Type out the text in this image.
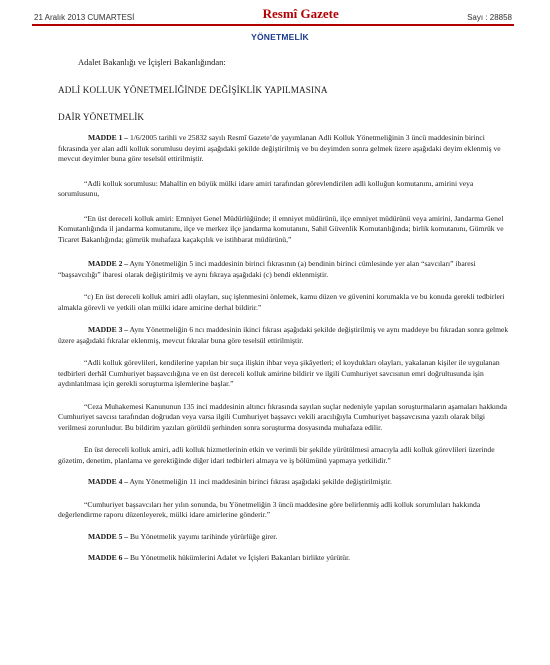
21 Aralık 2013 CUMARTESİ	Resmî Gazete	Sayı : 28858
YÖNETMELİK
Adalet Bakanlığı ve İçişleri Bakanlığından:
ADLİ KOLLUK YÖNETMELİĞİNDE DEĞİŞİKLİK YAPILMASINA
DAİR YÖNETMELİK

MADDE 1 – 1/6/2005 tarihli ve 25832 sayılı Resmî Gazete’de yayımlanan Adli Kolluk Yönetmeliğinin 3 üncü maddesinin birinci fıkrasında yer alan adli kolluk sorumlusu deyimi aşağıdaki şekilde değiştirilmiş ve bu deyimden sonra gelmek üzere aşağıdaki deyim eklenmiş ve mevcut deyimler buna göre teselsül ettirilmiştir.

“Adli kolluk sorumlusu: Mahallin en büyük mülki idare amiri tarafından görevlendirilen adli kolluğun komutanını, amirini veya sorumlusunu,

“En üst dereceli kolluk amiri: Emniyet Genel Müdürlüğünde; il emniyet müdürünü, ilçe emniyet müdürünü veya amirini, Jandarma Genel Komutanlığında il jandarma komutanını, ilçe ve merkez ilçe jandarma komutanını, Sahil Güvenlik Komutanlığında; birlik komutanını, Gümrük ve Ticaret Bakanlığında; gümrük muhafaza kaçakçılık ve istihbarat müdürünü,”

MADDE 2 – Aynı Yönetmeliğin 5 inci maddesinin birinci fıkrasının (a) bendinin birinci cümlesinde yer alan “savcıları” ibaresi “başsavcılığı” ibaresi olarak değiştirilmiş ve aynı fıkraya aşağıdaki (c) bendi eklenmiştir.

“c) En üst dereceli kolluk amiri adli olayları, suç işlenmesini önlemek, kamu düzen ve güvenini korumakla ve bu konuda gerekli tedbirleri almakla görevli ve yetkili olan mülki idare amirine derhal bildirir.”

MADDE 3 – Aynı Yönetmeliğin 6 ncı maddesinin ikinci fıkrası aşağıdaki şekilde değiştirilmiş ve aynı maddeye bu fıkradan sonra gelmek üzere aşağıdaki fıkralar eklenmiş, mevcut fıkralar buna göre teselsül ettirilmiştir.

“Adli kolluk görevlileri, kendilerine yapılan bir suça ilişkin ihbar veya şikâyetleri; el koydukları olayları, yakalanan kişiler ile uygulanan tedbirleri derhâl Cumhuriyet başsavcılığına ve en üst dereceli kolluk amirine bildirir ve ilgili Cumhuriyet savcısının emri doğrultusunda işin aydınlatılması için gerekli soruşturma işlemlerine başlar.”

“Ceza Muhakemesi Kanununun 135 inci maddesinin altıncı fıkrasında sayılan suçlar nedeniyle yapılan soruşturmaların aşamaları hakkında Cumhuriyet savcısı tarafından doğrudan veya varsa ilgili Cumhuriyet başsavcı vekili aracılığıyla Cumhuriyet başsavcısına yazılı olarak bilgi verilmesi zorunludur. Bu bildirim yazıları görüldü şerhinden sonra soruşturma dosyasında muhafaza edilir.

En üst dereceli kolluk amiri, adli kolluk hizmetlerinin etkin ve verimli bir şekilde yürütülmesi amacıyla adli kolluk görevlileri üzerinde gözetim, denetim, planlama ve gerektiğinde diğer idari tedbirleri almaya ve iş bölümünü yapmaya yetkilidir.”

MADDE 4 – Aynı Yönetmeliğin 11 inci maddesinin birinci fıkrası aşağıdaki şekilde değiştirilmiştir.

“Cumhuriyet başsavcıları her yılın sonunda, bu Yönetmeliğin 3 üncü maddesine göre belirlenmiş adli kolluk sorumluları hakkında değerlendirme raporu düzenleyerek, mülki idare amirlerine gönderir.”

MADDE 5 – Bu Yönetmelik yayımı tarihinde yürürlüğe girer.

MADDE 6 – Bu Yönetmelik hükümlerini Adalet ve İçişleri Bakanları birlikte yürütür.
